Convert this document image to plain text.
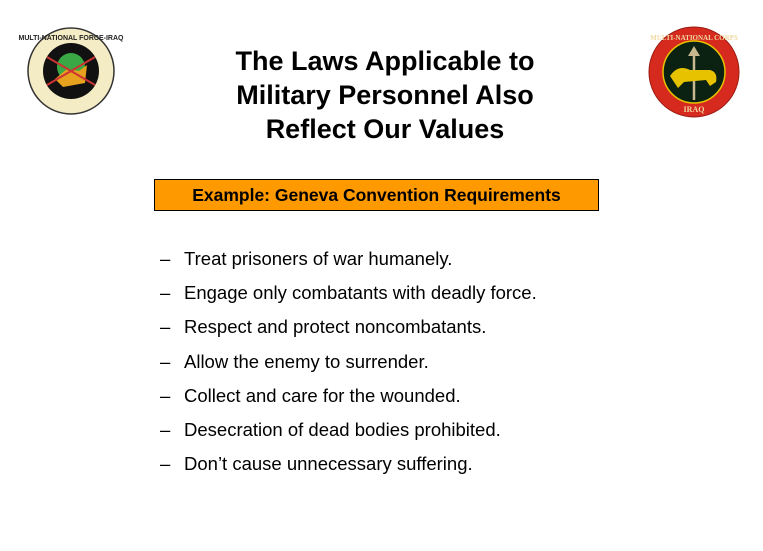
MULTI-NATIONAL FORCE-IRAQ	MULTI-NATIONAL CORPS
IRAQ
The Laws Applicable to
Military Personnel Also
Reflect Our Values
Example: Geneva Convention Requirements
– Treat prisoners of war humanely.
– Engage only combatants with deadly force.
– Respect and protect noncombatants.
– Allow the enemy to surrender.
– Collect and care for the wounded.
– Desecration of dead bodies prohibited.
– Don’t cause unnecessary suffering.
